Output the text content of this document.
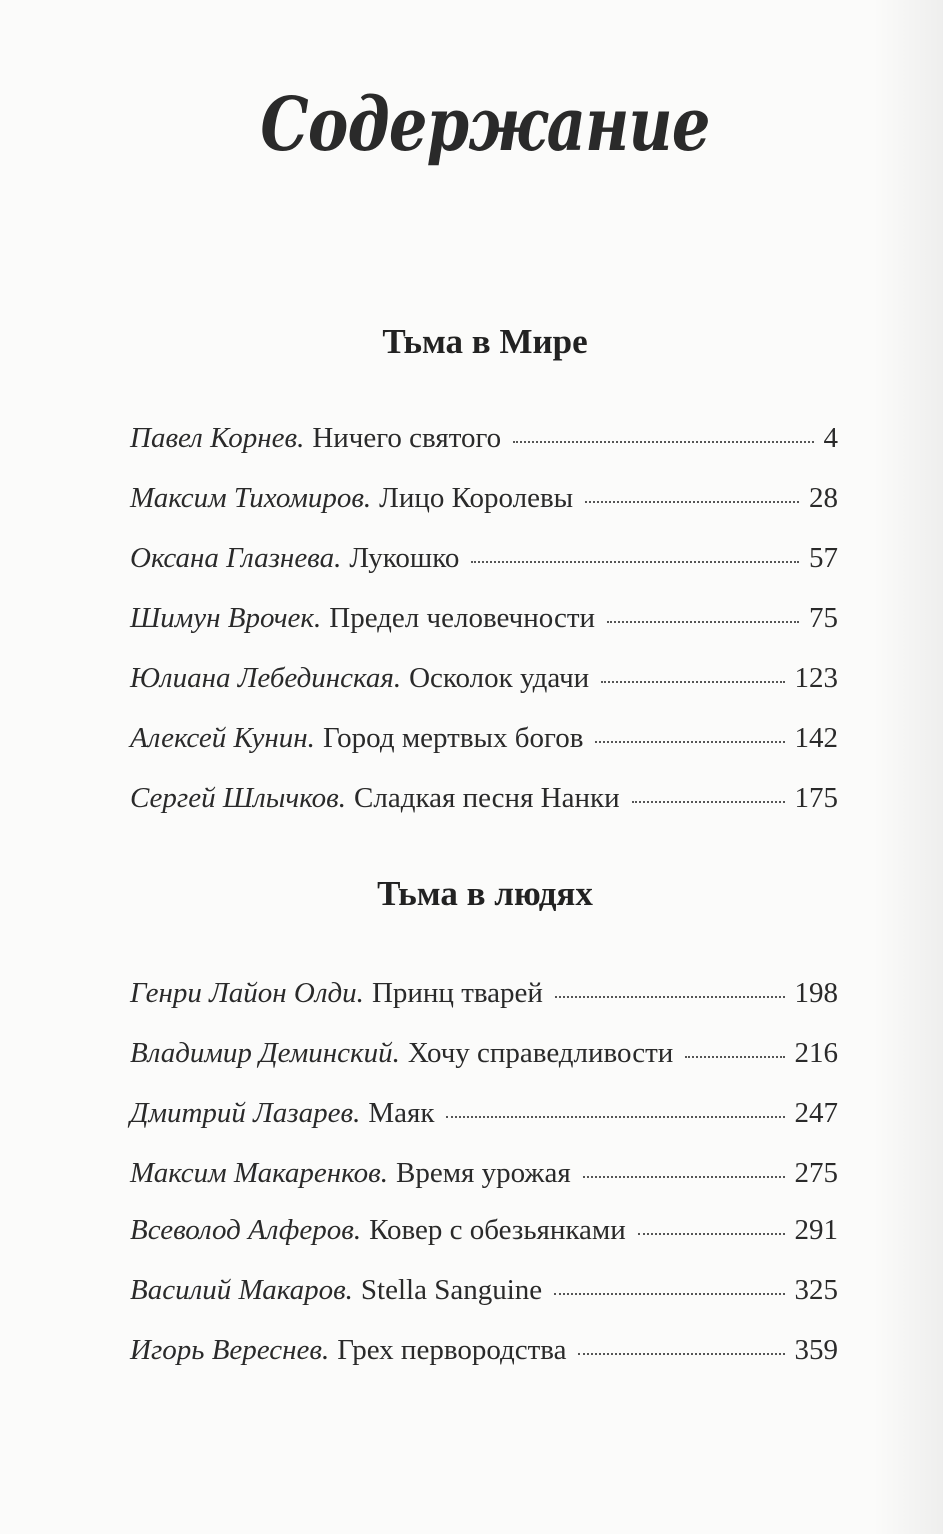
Содержание
Тьма в Мире
Павел Корнев. Ничего святого	4
Максим Тихомиров. Лицо Королевы	28
Оксана Глазнева. Лукошко	57
Шимун Врочек. Предел человечности	75
Юлиана Лебединская. Осколок удачи	123
Алексей Кунин. Город мертвых богов	142
Сергей Шлычков. Сладкая песня Нанки	175
Тьма в людях
Генри Лайон Олди. Принц тварей	198
Владимир Деминский. Хочу справедливости	216
Дмитрий Лазарев. Маяк	247
Максим Макаренков. Время урожая	275
Всеволод Алферов. Ковер с обезьянками	291
Василий Макаров. Stella Sanguine	325
Игорь Вереснев. Грех первородства	359
